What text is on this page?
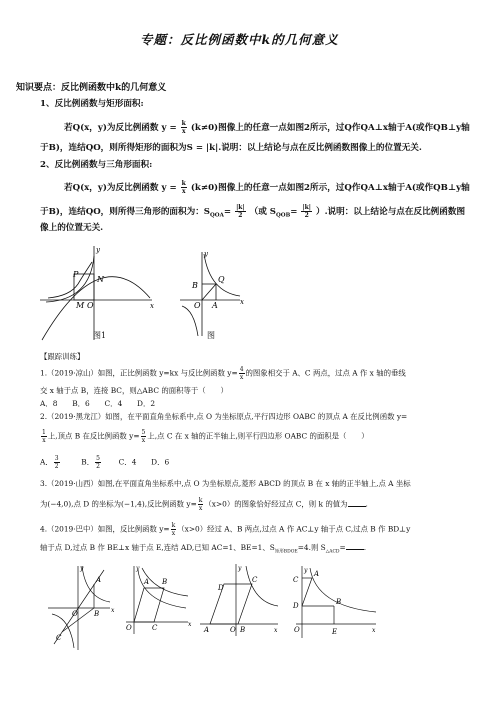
专题：反比例函数中k的几何意义
知识要点：反比例函数中k的几何意义
1、反比例函数与矩形面积:
若Q(x，y)为反比例函数 $y = \frac{k}{x} (k\ne 0)$图像上的任意一点如图2所示，过Q作QA⊥x轴于A(或作QB⊥y轴
于B)，连结QO，则所得矩形的面积为S = |k|.说明：以上结论与点在反比例函数图像上的位置无关.
2、反比例函数与三角形面积:
若Q(x，y)为反比例函数 $y = \frac{k}{x} (k\ne 0)$图像上的任意一点如图2所示，过Q作QA⊥x轴于A(或作QB⊥y轴
于B)，连结QO，则所得三角形的面积为：$S_{QOA}= \frac{|k|}{2}$ （或 $S_{QOB}= \frac{|k|}{2}$ ）.说明：以上结论与点在反比例函数图
像上的位置无关.
P
N
M O	x
y
图1
B
Q
O A	x
y
图
【跟踪训练】
1.（2019·凉山）如图，正比例函数 y=kx 与反比例函数 $y= \frac{4}{x}$ 的图象相交于 A、C 两点，过点 A 作 x 轴的垂线
交 x 轴于点 B，连接 BC，则△ABC 的面积等于（　　）
A．8　　B．6　　C．4　　D．2
2.（2019·黑龙江）如图，在平面直角坐标系中,点 O 为坐标原点,平行四边形 OABC 的顶点 A 在反比例函数 y=
$\frac{1}{x}$ 上,顶点 B 在反比例函数 $y= \frac{5}{x}$ 上,点 C 在 x 轴的正半轴上,则平行四边形 OABC 的面积是（　　）
A． $\frac{3}{2}$	B． $\frac{5}{2}$ C．4　　D．6
3.（2019·山西）如图,在平面直角坐标系中,点 O 为坐标原点,菱形 ABCD 的顶点 B 在 x 轴的正半轴上,点 A 坐标
为(−4,0),点 D 的坐标为(−1,4),反比例函数 $y= \frac{k}{x} (x>0)$的图象恰好经过点 C，则 k 的值为 .
4.（2019·巴中）如图，反比例函数 $y= \frac{k}{x} (x>0)$经过 A、B 两点,过点 A 作 AC⊥y 轴于点 C,过点 B 作 BD⊥y
轴于点 D,过点 B 作 BE⊥x 轴于点 E,连结 AD,已知 AC=1、BE=1、$S_{矩形BDOE}=4$.则 $S_{\triangle ACD}=$ .
A
B
O
C
x
y
A B
O	C	x
y
D
C
A	O B	x
y
C
A
D	B
O	E	x
y
